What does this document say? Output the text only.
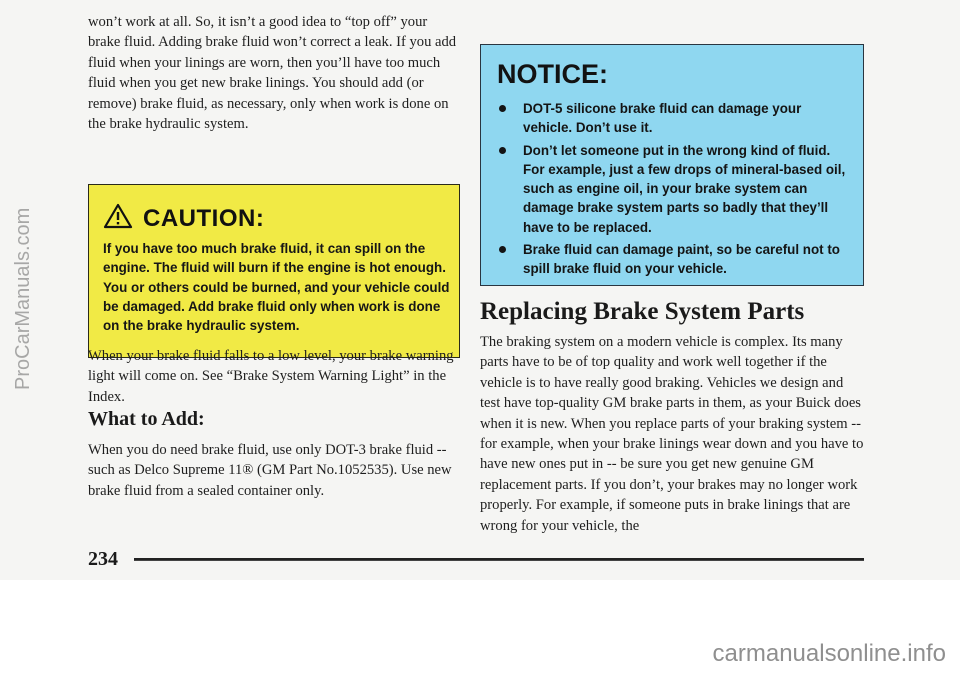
won’t work at all. So, it isn’t a good idea to “top off” your brake fluid. Adding brake fluid won’t correct a leak. If you add fluid when your linings are worn, then you’ll have too much fluid when you get new brake linings. You should add (or remove) brake fluid, as necessary, only when work is done on the brake hydraulic system.

CAUTION:

If you have too much brake fluid, it can spill on the engine. The fluid will burn if the engine is hot enough. You or others could be burned, and your vehicle could be damaged. Add brake fluid only when work is done on the brake hydraulic system.

When your brake fluid falls to a low level, your brake warning light will come on. See “Brake System Warning Light” in the Index.

What to Add:

When you do need brake fluid, use only DOT-3 brake fluid -- such as Delco Supreme 11® (GM Part No.1052535). Use new brake fluid from a sealed container only.

NOTICE:
DOT-5 silicone brake fluid can damage your vehicle. Don’t use it.
Don’t let someone put in the wrong kind of fluid. For example, just a few drops of mineral-based oil, such as engine oil, in your brake system can damage brake system parts so badly that they’ll have to be replaced.
Brake fluid can damage paint, so be careful not to spill brake fluid on your vehicle.
Replacing Brake System Parts

The braking system on a modern vehicle is complex. Its many parts have to be of top quality and work well together if the vehicle is to have really good braking. Vehicles we design and test have top-quality GM brake parts in them, as your Buick does when it is new. When you replace parts of your braking system -- for example, when your brake linings wear down and you have to have new ones put in -- be sure you get new genuine GM replacement parts. If you don’t, your brakes may no longer work properly. For example, if someone puts in brake linings that are wrong for your vehicle, the

234

ProCarManuals.com

carmanualsonline.info
